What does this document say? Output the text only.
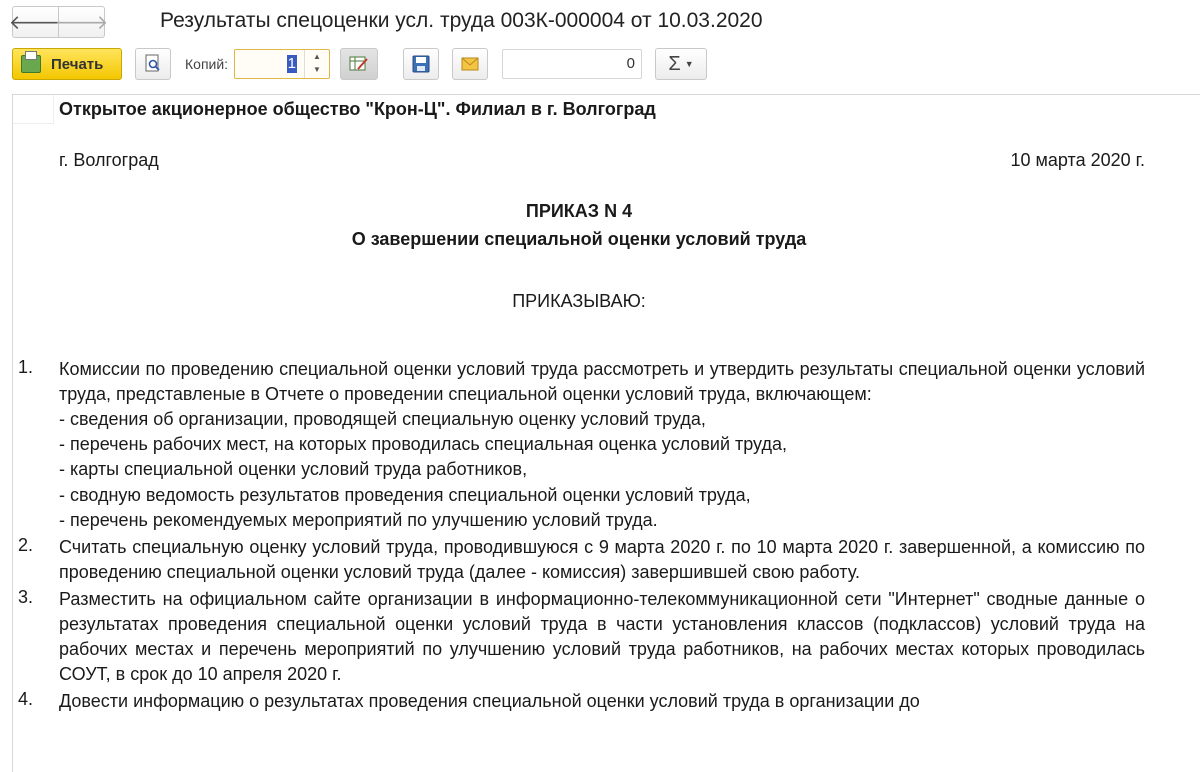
🡐
🡒 Результаты спецоценки усл. труда 003К-000004 от 10.03.2020
Печать	Копий:	1	▲
▼	0	Σ ▼
Открытое акционерное общество "Крон-Ц". Филиал в г. Волгоград
г. Волгоград	10 марта 2020 г.
ПРИКАЗ N 4
О завершении специальной оценки условий труда
ПРИКАЗЫВАЮ:
1. Комиссии по проведению специальной оценки условий труда рассмотреть и утвердить результаты специальной оценки условий труда, представленые в Отчете о проведении специальной оценки условий труда, включающем:

- сведения об организации, проводящей специальную оценку условий труда,
- перечень рабочих мест, на которых проводилась специальная оценка условий труда,
- карты специальной оценки условий труда работников,
- сводную ведомость результатов проведения специальной оценки условий труда,
- перечень рекомендуемых мероприятий по улучшению условий труда.
2. Считать специальную оценку условий труда, проводившуюся с 9 марта 2020 г. по 10 марта 2020 г. завершенной, а комиссию по проведению специальной оценки условий труда (далее - комиссия) завершившей свою работу.

3. Разместить на официальном сайте организации в информационно-телекоммуникационной сети "Интернет" сводные данные о результатах проведения специальной оценки условий труда в части установления классов (подклассов) условий труда на рабочих местах и перечень мероприятий по улучшению условий труда работников, на рабочих местах которых проводилась СОУТ, в срок до 10 апреля 2020 г.

4. Довести информацию о результатах проведения специальной оценки условий труда в организации до
